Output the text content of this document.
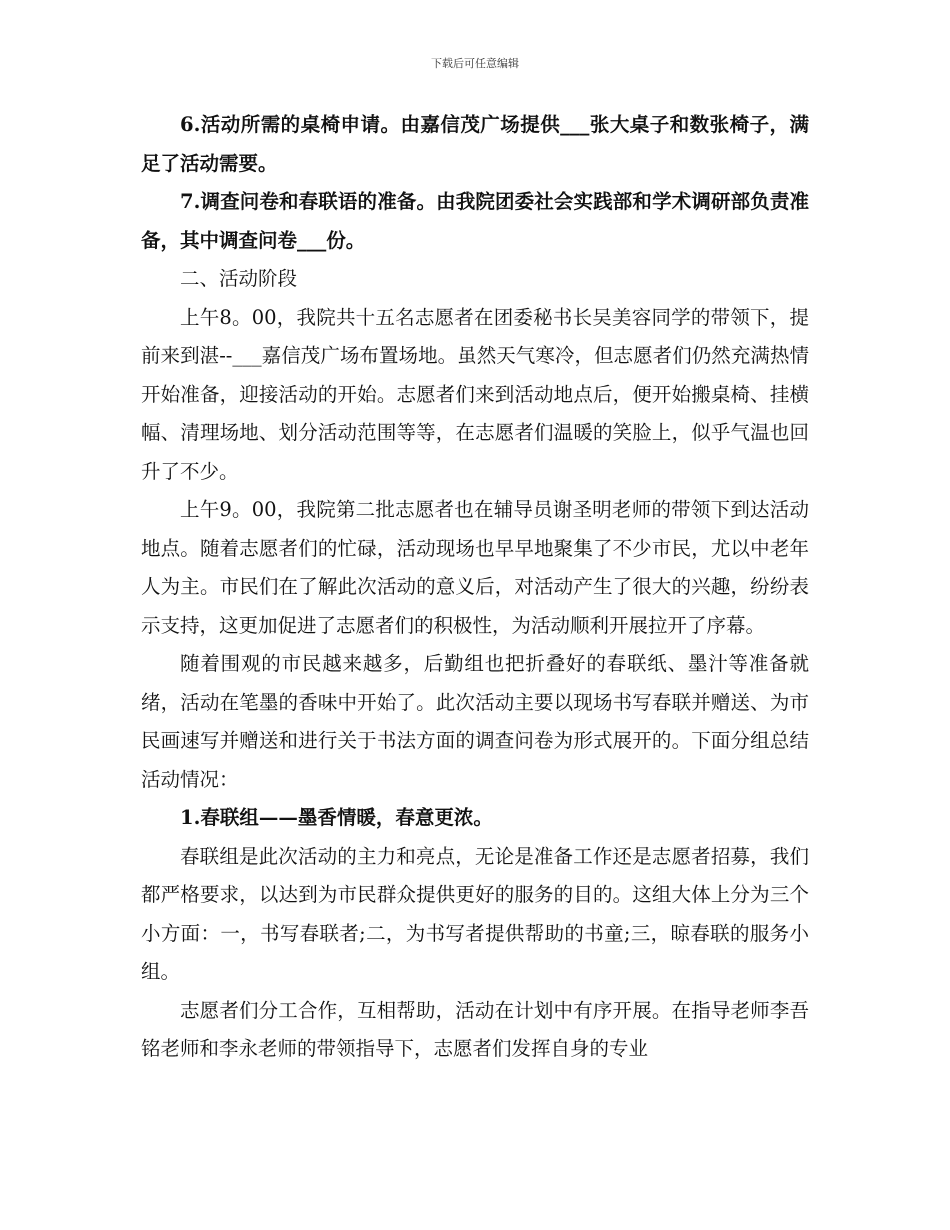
下载后可任意编辑

6.活动所需的桌椅申请。由嘉信茂广场提供___张大桌子和数张椅子，满足了活动需要。

7.调查问卷和春联语的准备。由我院团委社会实践部和学术调研部负责准备，其中调查问卷___份。

二、活动阶段

上午8。00，我院共十五名志愿者在团委秘书长吴美容同学的带领下，提前来到湛--___嘉信茂广场布置场地。虽然天气寒冷，但志愿者们仍然充满热情开始准备，迎接活动的开始。志愿者们来到活动地点后，便开始搬桌椅、挂横幅、清理场地、划分活动范围等等，在志愿者们温暖的笑脸上，似乎气温也回升了不少。

上午9。00，我院第二批志愿者也在辅导员谢圣明老师的带领下到达活动地点。随着志愿者们的忙碌，活动现场也早早地聚集了不少市民，尤以中老年人为主。市民们在了解此次活动的意义后，对活动产生了很大的兴趣，纷纷表示支持，这更加促进了志愿者们的积极性，为活动顺利开展拉开了序幕。

随着围观的市民越来越多，后勤组也把折叠好的春联纸、墨汁等准备就绪，活动在笔墨的香味中开始了。此次活动主要以现场书写春联并赠送、为市民画速写并赠送和进行关于书法方面的调查问卷为形式展开的。下面分组总结活动情况：

1.春联组——墨香情暖，春意更浓。

春联组是此次活动的主力和亮点，无论是准备工作还是志愿者招募，我们都严格要求，以达到为市民群众提供更好的服务的目的。这组大体上分为三个小方面：一，书写春联者;二，为书写者提供帮助的书童;三，晾春联的服务小组。

志愿者们分工合作，互相帮助，活动在计划中有序开展。在指导老师李吾铭老师和李永老师的带领指导下，志愿者们发挥自身的专业
